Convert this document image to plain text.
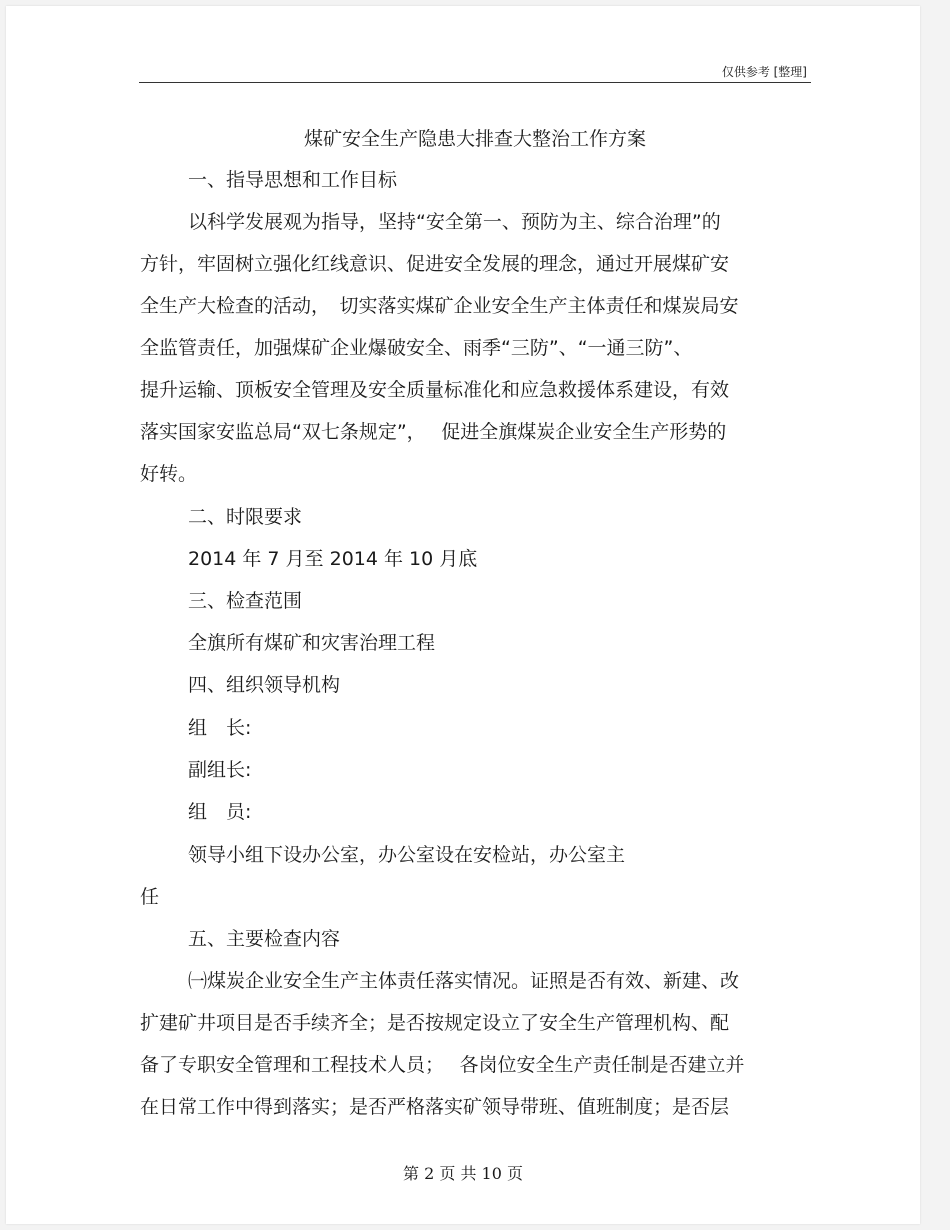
仅供参考 [整理]
煤矿安全生产隐患大排查大整治工作方案
一、指导思想和工作目标
以科学发展观为指导，坚持“安全第一、预防为主、综合治理”的
方针，牢固树立强化红线意识、促进安全发展的理念，通过开展煤矿安
全生产大检查的活动，　切实落实煤矿企业安全生产主体责任和煤炭局安
全监管责任，加强煤矿企业爆破安全、雨季“三防”、“一通三防”、
提升运输、顶板安全管理及安全质量标准化和应急救援体系建设，有效
落实国家安监总局“双七条规定”，　 促进全旗煤炭企业安全生产形势的
好转。
二、时限要求
2014 年 7 月至 2014 年 10 月底
三、检查范围
全旗所有煤矿和灾害治理工程
四、组织领导机构
组　长:
副组长:
组　员:
领导小组下设办公室，办公室设在安检站，办公室主
任
五、主要检查内容
㈠煤炭企业安全生产主体责任落实情况。证照是否有效、新建、改
扩建矿井项目是否手续齐全；是否按规定设立了安全生产管理机构、配
备了专职安全管理和工程技术人员；　 各岗位安全生产责任制是否建立并
在日常工作中得到落实；是否严格落实矿领导带班、值班制度；是否层
第 2 页 共 10 页
